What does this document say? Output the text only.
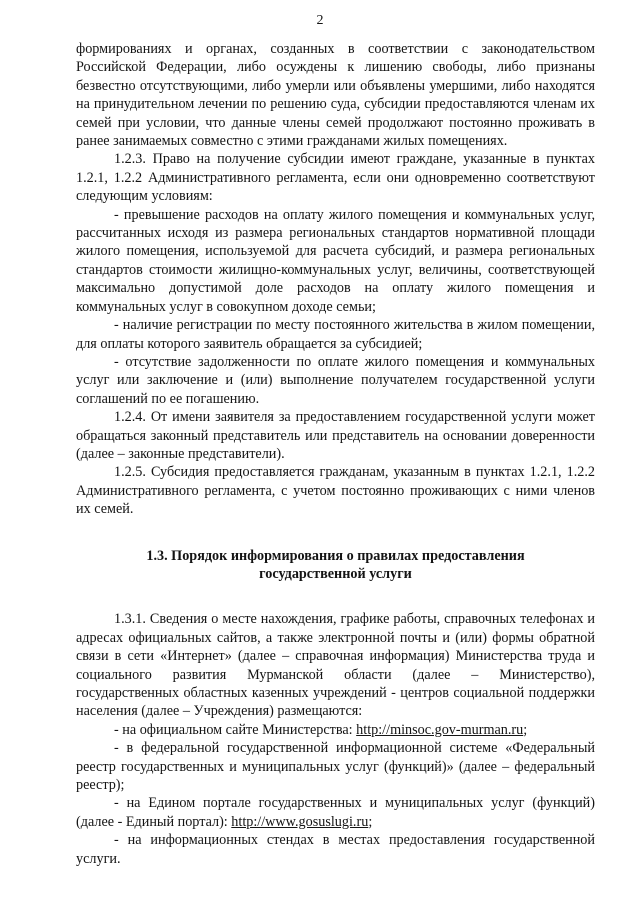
2

формированиях и органах, созданных в соответствии с законодательством Российской Федерации, либо осуждены к лишению свободы, либо признаны безвестно отсутствующими, либо умерли или объявлены умершими, либо находятся на принудительном лечении по решению суда, субсидии предоставляются членам их семей при условии, что данные члены семей продолжают постоянно проживать в ранее занимаемых совместно с этими гражданами жилых помещениях.

1.2.3. Право на получение субсидии имеют граждане, указанные в пунктах 1.2.1, 1.2.2 Административного регламента, если они одновременно соответствуют следующим условиям:

- превышение расходов на оплату жилого помещения и коммунальных услуг, рассчитанных исходя из размера региональных стандартов нормативной площади жилого помещения, используемой для расчета субсидий, и размера региональных стандартов стоимости жилищно-коммунальных услуг, величины, соответствующей максимально допустимой доле расходов на оплату жилого помещения и коммунальных услуг в совокупном доходе семьи;

- наличие регистрации по месту постоянного жительства в жилом помещении, для оплаты которого заявитель обращается за субсидией;

- отсутствие задолженности по оплате жилого помещения и коммунальных услуг или заключение и (или) выполнение получателем государственной услуги соглашений по ее погашению.

1.2.4. От имени заявителя за предоставлением государственной услуги может обращаться законный представитель или представитель на основании доверенности (далее – законные представители).

1.2.5. Субсидия предоставляется гражданам, указанным в пунктах 1.2.1, 1.2.2 Административного регламента, с учетом постоянно проживающих с ними членов их семей.

1.3. Порядок информирования о правилах предоставления
государственной услуги

1.3.1. Сведения о месте нахождения, графике работы, справочных телефонах и адресах официальных сайтов, а также электронной почты и (или) формы обратной связи в сети «Интернет» (далее – справочная информация) Министерства труда и социального развития Мурманской области (далее – Министерство), государственных областных казенных учреждений - центров социальной поддержки населения (далее – Учреждения) размещаются:

- на официальном сайте Министерства: http://minsoc.gov-murman.ru;

- в федеральной государственной информационной системе «Федеральный реестр государственных и муниципальных услуг (функций)» (далее – федеральный реестр);

- на Едином портале государственных и муниципальных услуг (функций) (далее - Единый портал): http://www.gosuslugi.ru;

- на информационных стендах в местах предоставления государственной услуги.
